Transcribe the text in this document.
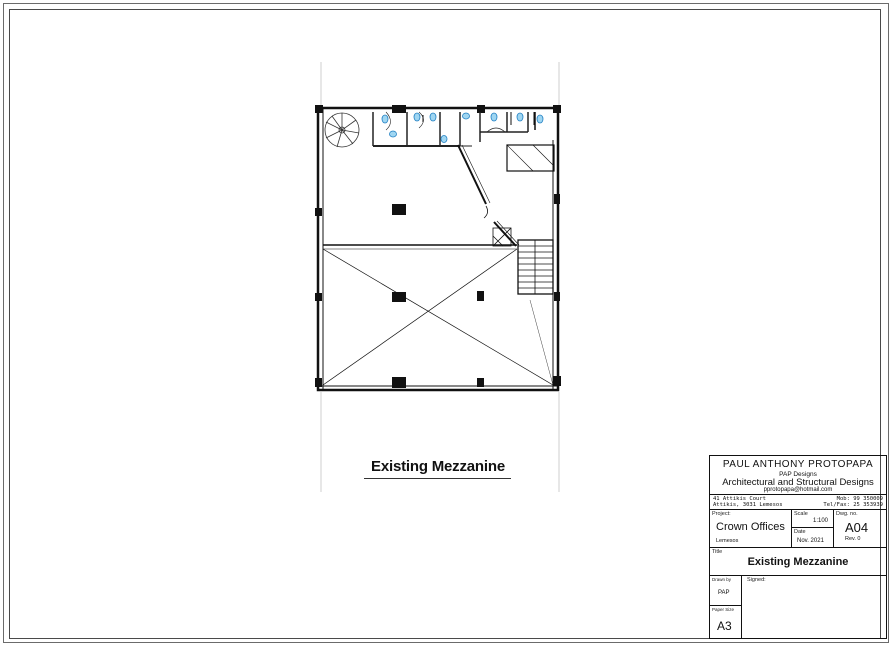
Existing Mezzanine	PAUL ANTHONY PROTOPAPA
PAP Designs
Architectural and Structural Designs
pprotopapa@hotmail.com
41 Attikis Court
Attikis, 3031 Lemesos
Mob: 99 350009
Tel/Fax: 25 353939
Project:
Crown Offices
Lemesos
Scale
1:100
Date
Nov. 2021
Dwg. no.
A04
Rev. 0
Title
Existing Mezzanine
Drawn by
PAP
Paper Size
A3
Signed:
